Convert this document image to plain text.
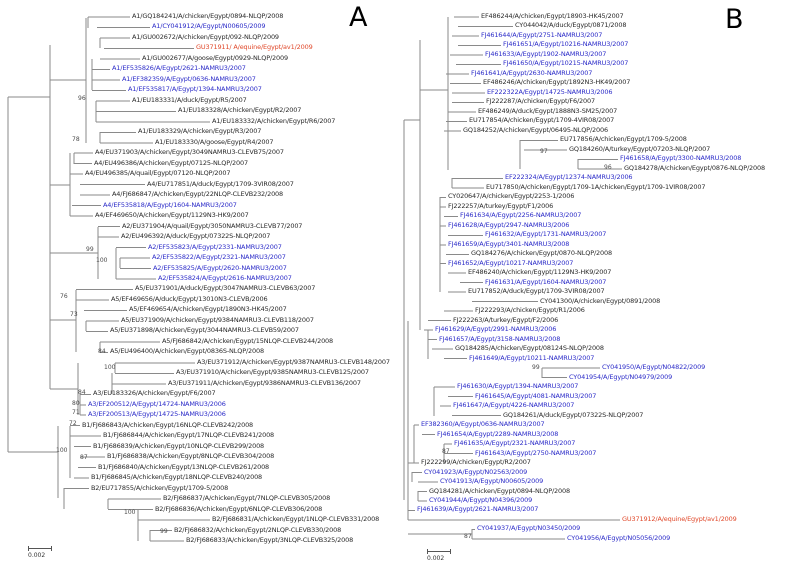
A
A1/GQ184241/A/chicken/Egypt/0894-NLQP/2008
A1/CY041912/A/Egypt/N00605/2009
A1/GU002672/A/chicken/Egypt/092-NLQP/2009
GU371911/ A/equine/Egypt/av1/2009
A1/GU002677/A/goose/Egypt/0929-NLQP/2009
A1/EF535826/A/Egypt/2621-NAMRU3/2007
A1/EF382359/A/Egypt/0636-NAMRU3/2007
A1/EF535817/A/Egypt/1394-NAMRU3/2007
A1/EU183331/A/duck/Egypt/R5/2007
A1/EU183328/A/chicken/Egypt/R2/2007
A1/EU183332/A/chicken/Egypt/R6/2007
A1/EU183329/A/chicken/Egypt/R3/2007
A1/EU183330/A/goose/Egypt/R4/2007
A4/EU371903/A/chicken/Egypt/3049NAMRU3-CLEVB75/2007
A4/EU496386/A/chicken/Egypt/07125-NLQP/2007
A4/EU496385/A/quail/Egypt/07120-NLQP/2007
A4/EU717851/A/duck/Egypt/1709-3VIR08/2007
A4/FJ686847/A/chicken/Egypt/22NLQP-CLEVB232/2008
A4/EF535818/A/Egypt/1604-NAMRU3/2007
A4/EF469650/A/chicken/Egypt/1129N3-HK9/2007
A2/EU371904/A/quail/Egypt/3050NAMRU3-CLEVB77/2007
A2/EU496392/A/duck/Egypt/07322S-NLQP/2007
A2/EF535823/A/Egypt/2331-NAMRU3/2007
A2/EF535822/A/Egypt/2321-NAMRU3/2007
A2/EF535825/A/Egypt/2620-NAMRU3/2007
A2/EF535824/A/Egypt/2616-NAMRU3/2007
A5/EU371901/A/duck/Egypt/3047NAMRU3-CLEVB63/2007
A5/EF469656/A/duck/Egypt/13010N3-CLEVB/2006
A5/EF469654/A/chicken/Egypt/1890N3-HK45/2007
A5/EU371909/A/chicken/Egypt/9384NAMRU3-CLEVB118/2007
A5/EU371898/A/chicken/Egypt/3044NAMRU3-CLEVB59/2007
A5/FJ686842/A/chicken/Egypt/15NLQP-CLEVB244/2008
A5/EU496400/A/chicken/Egypt/0836S-NLQP/2008
A3/EU371912/A/chicken/Egypt/9387NAMRU3-CLEVB148/2007
A3/EU371910/A/chicken/Egypt/9385NAMRU3-CLEVB125/2007
A3/EU371911/A/chicken/Egypt/9386NAMRU3-CLEVB136/2007
A3/EU183326/A/chicken/Egypt/F6/2007
A3/EF200512/A/Egypt/14724-NAMRU3/2006
A3/EF200513/A/Egypt/14725-NAMRU3/2006
B1/FJ686843/A/chicken/Egypt/16NLQP-CLEVB242/2008
B1/FJ686844/A/chicken/Egypt/17NLQP-CLEVB241/2008
B1/FJ686839/A/chicken/Egypt/10NLQP-CLEVB299/2008
B1/FJ686838/A/chicken/Egypt/8NLQP-CLEVB304/2008
B1/FJ686840/A/chicken/Egypt/13NLQP-CLEVB261/2008
B1/FJ686845/A/chicken/Egypt/18NLQP-CLEVB240/2008
B2/EU717855/A/chicken/Egypt/1709-5/2008
B2/FJ686837/A/chicken/Egypt/7NLQP-CLEVB305/2008
B2/FJ686836/A/chicken/Egypt/6NLQP-CLEVB306/2008
B2/FJ686831/A/chicken/Egypt/1NLQP-CLEVB331/2008
B2/FJ686832/A/chicken/Egypt/2NLQP-CLEVB330/2008
B2/FJ686833/A/chicken/Egypt/3NLQP-CLEVB325/2008
96
78
99
100
76
73
84
100
84
80
71
72
100
87
100
99
0.002
B
EF486244/A/chicken/Egypt/18903-HK45/2007
CY044042/A/duck/Egypt/0871/2008
FJ461644/A/Egypt/2751-NAMRU3/2007
FJ461651/A/Egypt/10216-NAMRU3/2007
FJ461633/A/Egypt/1902-NAMRU3/2007
FJ461650/A/Egypt/10215-NAMRU3/2007
FJ461641/A/Egypt/2630-NAMRU3/2007
EF486246/A/chicken/Egypt/1892N3-HK49/2007
EF222322A/Egypt/14725-NAMRU3/2006
FJ222287/A/chicken/Egypt/F6/2007
EF486249/A/duck/Egypt/1888N3-SM25/2007
EU717854/A/chicken/Egypt/1709-4VIR08/2007
GQ184252/A/chicken/Egypt/06495-NLQP/2006
EU717856/A/chicken/Egypt/1709-5/2008
GQ184260/A/turkey/Egypt/07203-NLQP/2007
FJ461658/A/Egypt/3300-NAMRU3/2008
GQ184278/A/chicken/Egypt/0876-NLQP/2008
EF222324/A/Egypt/12374-NAMRU3/2006
EU717850/A/chicken/Egypt/1709-1A/chicken/Egypt/1709-1VIR08/2007
CY020647/A/chicken/Egypt/2253-1/2006
FJ222257/A/turkey/Egypt/F1/2006
FJ461634/A/Egypt/2256-NAMRU3/2007
FJ461628/A/Egypt/2947-NAMRU3/2006
FJ461632/A/Egypt/1731-NAMRU3/2007
FJ461659/A/Egypt/3401-NAMRU3/2008
GQ184276/A/chicken/Egypt/0870-NLQP/2008
FJ461652/A/Egypt/10217-NAMRU3/2007
EF486240/A/chicken/Egypt/1129N3-HK9/2007
FJ461631/A/Egypt/1604-NAMRU3/2007
EU717852/A/duck/Egypt/1709-3VIR08/2007
CY041300/A/chicken/Egypt/0891/2008
FJ222293/A/chicken/Egypt/R1/2006
FJ222263/A/turkey/Egypt/F2/2006
FJ461629/A/Egypt/2991-NAMRU3/2006
FJ461657/A/Egypt/3158-NAMRU3/2008
GQ184285/A/chicken/Egypt/08124S-NLQP/2008
FJ461649/A/Egypt/10211-NAMRU3/2007
CY041950/A/Egypt/N04822/2009
CY041954/A/Egypt/N04979/2009
FJ461630/A/Egypt/1394-NAMRU3/2007
FJ461645/A/Egypt/4081-NAMRU3/2007
FJ461647/A/Egypt/4226-NAMRU3/2007
GQ184261/A/duck/Egypt/07322S-NLQP/2007
EF382360/A/Egypt/0636-NAMRU3/2007
FJ461654/A/Egypt/2289-NAMRU3/2008
FJ461635/A/Egypt/2321-NAMRU3/2007
FJ461643/A/Egypt/2750-NAMRU3/2007
FJ222299/A/chicken/Egypt/R2/2007
CY041923/A/Egypt/N02563/2009
CY041913/A/Egypt/N00605/2009
GQ184281/A/chicken/Egypt/0894-NLQP/2008
CY041944/A/Egypt/N04396/2009
FJ461639/A/Egypt/2621-NAMRU3/2007
GU371912/A/equine/Egypt/av1/2009
CY041937/A/Egypt/N03450/2009
CY041956/A/Egypt/N05056/2009
97
96
99
87
87
0.002
